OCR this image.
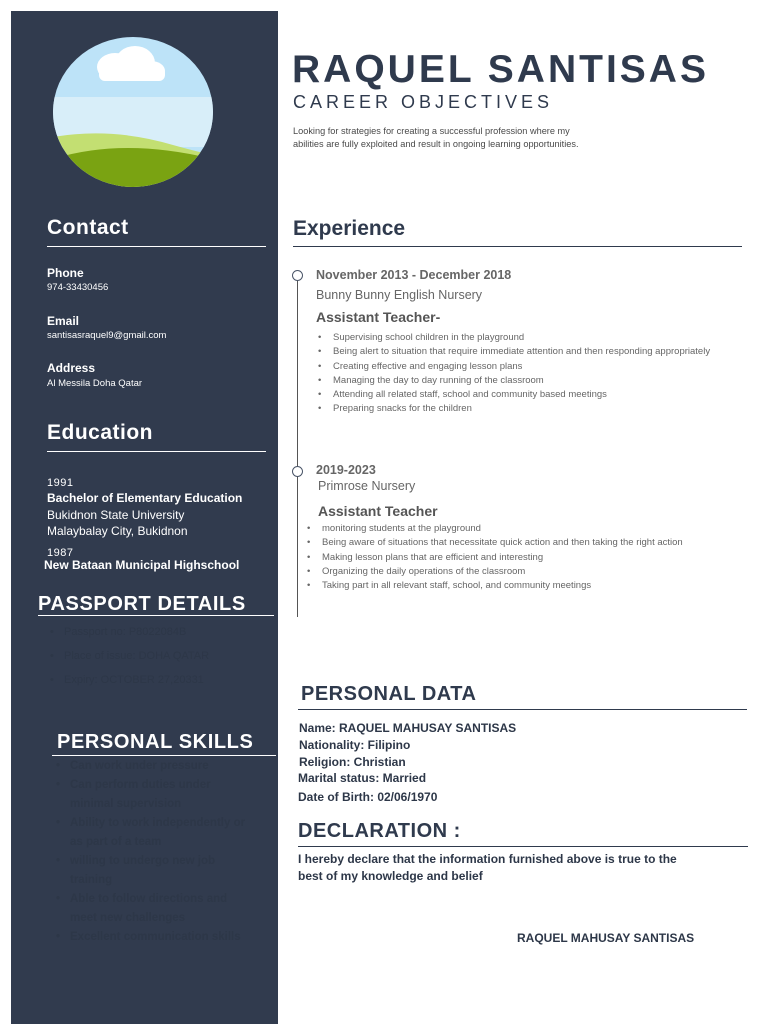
Contact
Phone
974-33430456
Email
santisasraquel9@gmail.com
Address
Al Messila Doha Qatar
Education
1991
Bachelor of Elementary Education
Bukidnon State University
Malaybalay City, Bukidnon
1987
New Bataan Municipal Highschool
PASSPORT DETAILS
• Passport no: P8022084B
• Place of issue: DOHA QATAR
• Expiry: OCTOBER 27,20331
PERSONAL SKILLS
• Can work under pressure
• Can perform duties under minimal supervision
• Ability to work independently or as part of a team
• willing to undergo new job training
• Able to follow directions and meet new challenges
• Excellent communication skills
RAQUEL SANTISAS
CAREER OBJECTIVES
Looking for strategies for creating a successful profession where my abilities are fully exploited and result in ongoing learning opportunities.
Experience
November 2013 - December 2018
Bunny Bunny English Nursery
Assistant Teacher-
• Supervising school children in the playground
• Being alert to situation that require immediate attention and then responding appropriately
• Creating effective and engaging lesson plans
• Managing the day to day running of the classroom
• Attending all related staff, school and community based meetings
• Preparing snacks for the children
2019-2023
Primrose Nursery
Assistant Teacher
• monitoring students at the playground
• Being aware of situations that necessitate quick action and then taking the right action
• Making lesson plans that are efficient and interesting
• Organizing the daily operations of the classroom
• Taking part in all relevant staff, school, and community meetings
PERSONAL DATA
Name: RAQUEL MAHUSAY SANTISAS
Nationality: Filipino
Religion: Christian
Marital status: Married
Date of Birth: 02/06/1970
DECLARATION :
I hereby declare that the information furnished above is true to the best of my knowledge and belief
RAQUEL MAHUSAY SANTISAS
